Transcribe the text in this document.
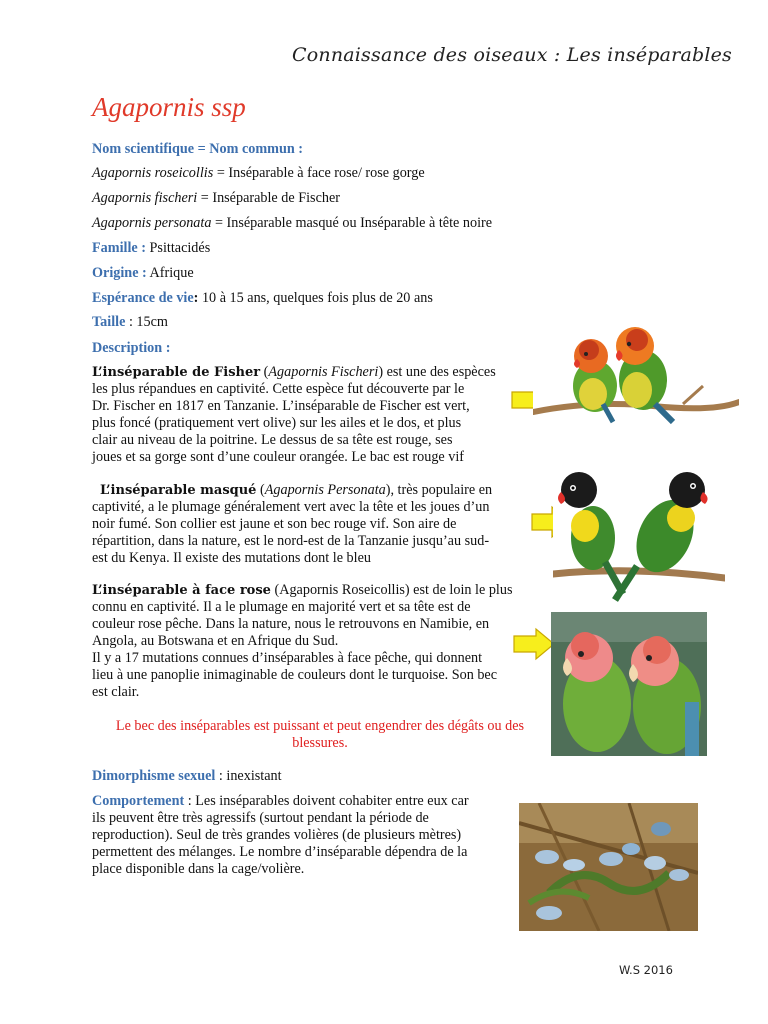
Connaissance des oiseaux : Les inséparables
Agapornis ssp
Nom scientifique = Nom commun :
Agapornis roseicollis = Inséparable à face rose/ rose gorge
Agapornis fischeri = Inséparable de Fischer
Agapornis personata = Inséparable masqué ou Inséparable à tête noire
Famille : Psittacidés
Origine : Afrique
Espérance de vie: 10 à 15 ans, quelques fois plus de 20 ans
Taille : 15cm
Description :
L’inséparable de Fisher (Agapornis Fischeri) est une des espèces
les plus répandues en captivité. Cette espèce fut découverte par le
Dr. Fischer en 1817 en Tanzanie. L’inséparable de Fischer est vert,
plus foncé (pratiquement vert olive) sur les ailes et le dos, et plus
clair au niveau de la poitrine. Le dessus de sa tête est rouge, ses
joues et sa gorge sont d’une couleur orangée. Le bac est rouge vif
L’inséparable masqué (Agapornis Personata), très populaire en
captivité, a le plumage généralement vert avec la tête et les joues d’un
noir fumé. Son collier est jaune et son bec rouge vif. Son aire de
répartition, dans la nature, est le nord-est de la Tanzanie jusqu’au sud-
est du Kenya. Il existe des mutations dont le bleu
L’inséparable à face rose (Agapornis Roseicollis) est de loin le plus
connu en captivité. Il a le plumage en majorité vert et sa tête est de
couleur rose pêche. Dans la nature, nous le retrouvons en Namibie, en
Angola, au Botswana et en Afrique du Sud.
Il y a 17 mutations connues d’inséparables à face pêche, qui donnent
lieu à une panoplie inimaginable de couleurs dont le turquoise. Son bec
est clair.
Le bec des inséparables est puissant et peut engendrer des dégâts ou des
blessures.
Dimorphisme sexuel : inexistant
Comportement : Les inséparables doivent cohabiter entre eux car
ils peuvent être très agressifs (surtout pendant la période de
reproduction). Seul de très grandes volières (de plusieurs mètres)
permettent des mélanges. Le nombre d’inséparable dépendra de la
place disponible dans la cage/volière.
W.S 2016
